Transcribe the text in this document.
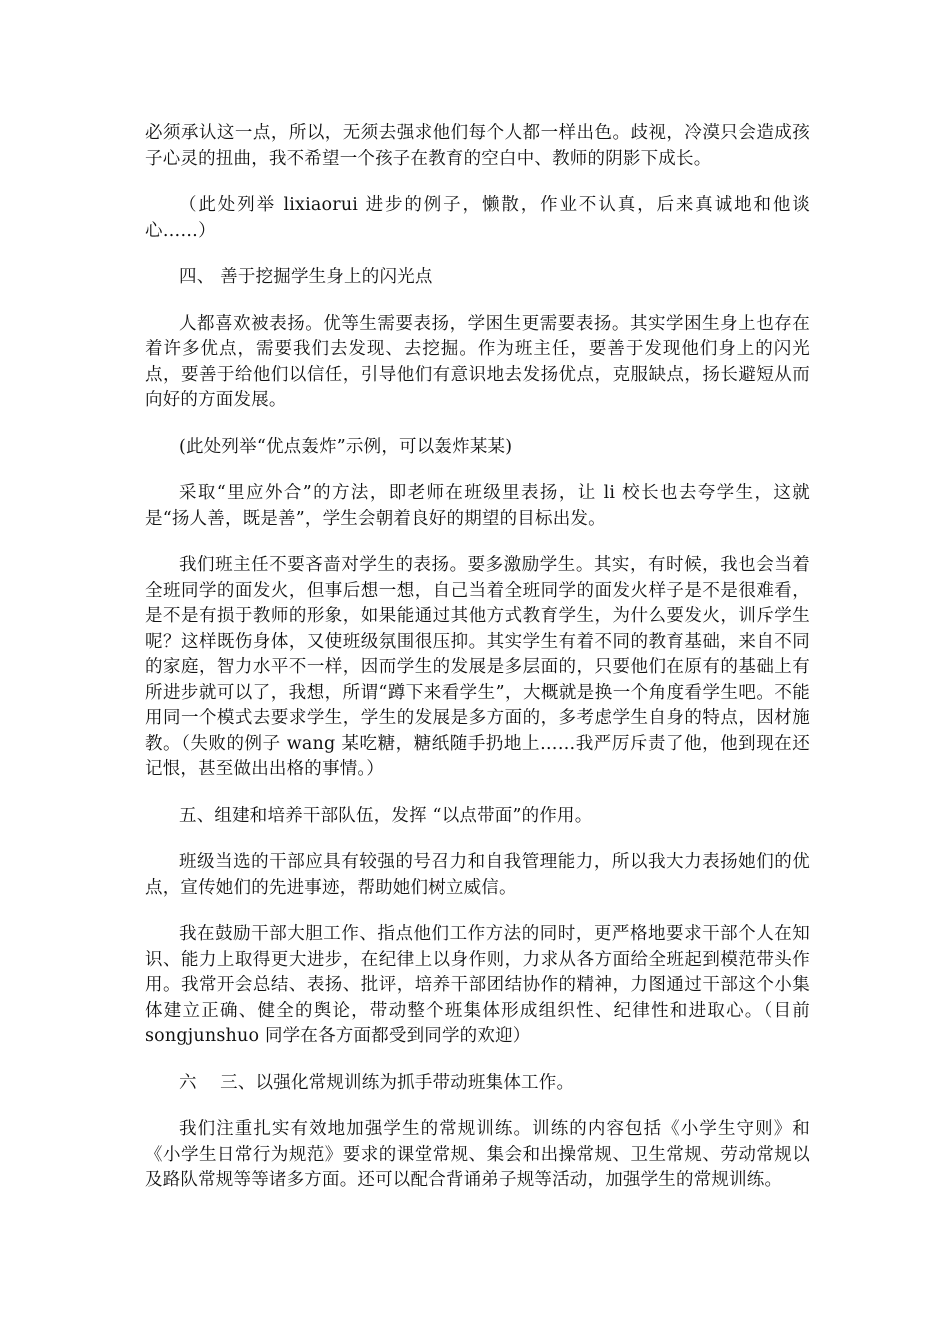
必须承认这一点，所以，无须去强求他们每个人都一样出色。歧视，冷漠只会造成孩子心灵的扭曲，我不希望一个孩子在教育的空白中、教师的阴影下成长。

（此处列举 lixiaorui 进步的例子，懒散，作业不认真，后来真诚地和他谈心……）

四、 善于挖掘学生身上的闪光点

人都喜欢被表扬。优等生需要表扬，学困生更需要表扬。其实学困生身上也存在着许多优点，需要我们去发现、去挖掘。作为班主任，要善于发现他们身上的闪光点，要善于给他们以信任，引导他们有意识地去发扬优点，克服缺点，扬长避短从而向好的方面发展。

(此处列举“优点轰炸”示例，可以轰炸某某)

采取“里应外合”的方法，即老师在班级里表扬，让 li 校长也去夸学生，这就是“扬人善，既是善”，学生会朝着良好的期望的目标出发。

我们班主任不要吝啬对学生的表扬。要多激励学生。其实，有时候，我也会当着全班同学的面发火，但事后想一想，自己当着全班同学的面发火样子是不是很难看，是不是有损于教师的形象，如果能通过其他方式教育学生，为什么要发火，训斥学生呢？这样既伤身体，又使班级氛围很压抑。其实学生有着不同的教育基础，来自不同的家庭，智力水平不一样，因而学生的发展是多层面的，只要他们在原有的基础上有所进步就可以了，我想，所谓“蹲下来看学生”，大概就是换一个角度看学生吧。不能用同一个模式去要求学生，学生的发展是多方面的，多考虑学生自身的特点，因材施教。（失败的例子 wang 某吃糖，糖纸随手扔地上……我严厉斥责了他，他到现在还记恨，甚至做出出格的事情。）

五、组建和培养干部队伍，发挥 “以点带面”的作用。

班级当选的干部应具有较强的号召力和自我管理能力，所以我大力表扬她们的优点，宣传她们的先进事迹，帮助她们树立威信。

我在鼓励干部大胆工作、指点他们工作方法的同时，更严格地要求干部个人在知识、能力上取得更大进步，在纪律上以身作则，力求从各方面给全班起到模范带头作用。我常开会总结、表扬、批评，培养干部团结协作的精神，力图通过干部这个小集体建立正确、健全的舆论，带动整个班集体形成组织性、纪律性和进取心。（目前 songjunshuo 同学在各方面都受到同学的欢迎）

六　 三、以强化常规训练为抓手带动班集体工作。

我们注重扎实有效地加强学生的常规训练。训练的内容包括《小学生守则》和《小学生日常行为规范》要求的课堂常规、集会和出操常规、卫生常规、劳动常规以及路队常规等等诸多方面。还可以配合背诵弟子规等活动，加强学生的常规训练。
